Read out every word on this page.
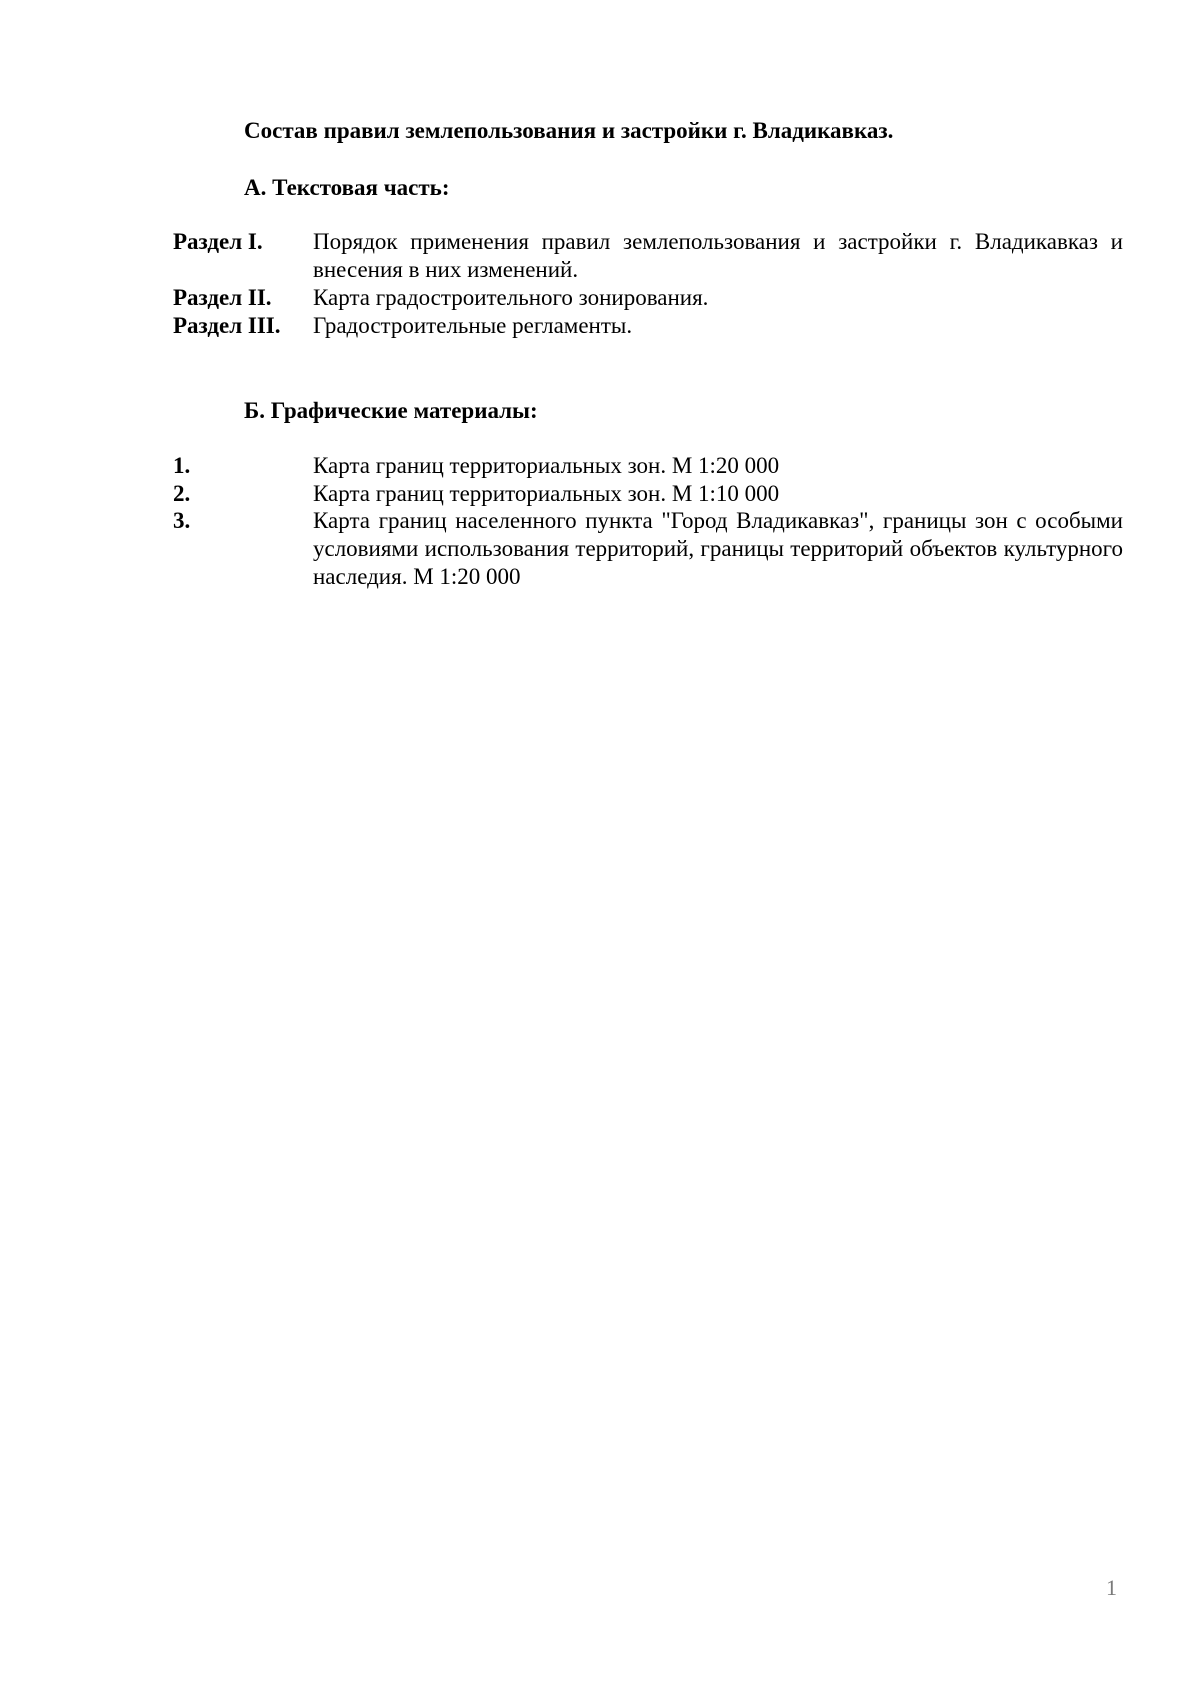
Состав правил землепользования и застройки г. Владикавказ.
А. Текстовая часть:
Раздел I. Порядок применения правил землепользования и застройки г. Владикавказ и внесения в них изменений.
Раздел II. Карта градостроительного зонирования.
Раздел III. Градостроительные регламенты.
Б. Графические материалы:
1.	Карта границ территориальных зон. М 1:20 000
2.	Карта границ территориальных зон. М 1:10 000
3.	Карта границ населенного пункта "Город Владикавказ", границы зон с особыми условиями использования территорий, границы территорий объектов культурного наследия. М 1:20 000
1
